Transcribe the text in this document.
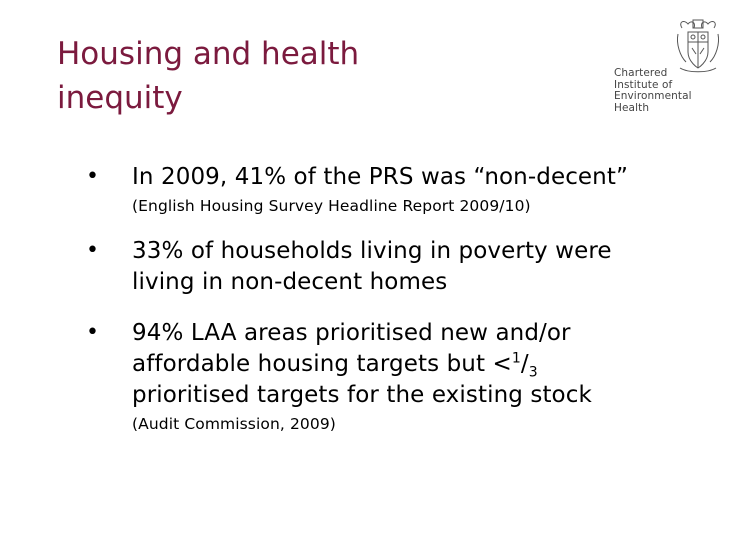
Housing and health
inequity
Chartered
Institute of
Environmental
Health
• In 2009, 41% of the PRS was “non-decent”
(English Housing Survey Headline Report 2009/10)
• 33% of households living in poverty were living in non-decent homes
• 94% LAA areas prioritised new and/or affordable housing targets but $<^1/_3$ prioritised targets for the existing stock
(Audit Commission, 2009)
